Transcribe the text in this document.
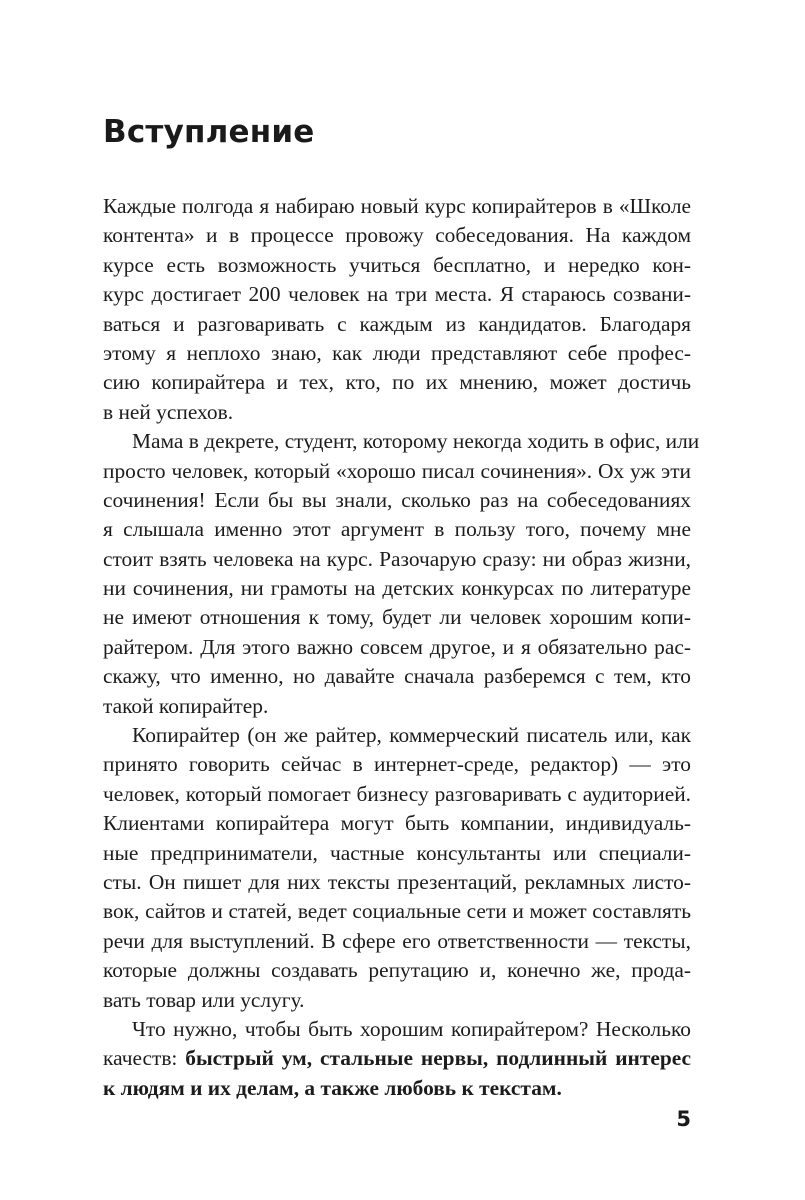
Вступление
Каждые полгода я набираю новый курс копирайтеров в «Школе
контента» и в процессе провожу собеседования. На каждом
курсе есть возможность учиться бесплатно, и нередко кон-
курс достигает 200 человек на три места. Я стараюсь созвани-
ваться и разговаривать с каждым из кандидатов. Благодаря
этому я неплохо знаю, как люди представляют себе профес-
сию копирайтера и тех, кто, по их мнению, может достичь
в ней успехов.
Мама в декрете, студент, которому некогда ходить в офис, или
просто человек, который «хорошо писал сочинения». Ох уж эти
сочинения! Если бы вы знали, сколько раз на собеседованиях
я слышала именно этот аргумент в пользу того, почему мне
стоит взять человека на курс. Разочарую сразу: ни образ жизни,
ни сочинения, ни грамоты на детских конкурсах по литературе
не имеют отношения к тому, будет ли человек хорошим копи-
райтером. Для этого важно совсем другое, и я обязательно рас-
скажу, что именно, но давайте сначала разберемся с тем, кто
такой копирайтер.
Копирайтер (он же райтер, коммерческий писатель или, как
принято говорить сейчас в интернет-среде, редактор) — это
человек, который помогает бизнесу разговаривать с аудиторией.
Клиентами копирайтера могут быть компании, индивидуаль-
ные предприниматели, частные консультанты или специали-
сты. Он пишет для них тексты презентаций, рекламных листо-
вок, сайтов и статей, ведет социальные сети и может составлять
речи для выступлений. В сфере его ответственности — тексты,
которые должны создавать репутацию и, конечно же, прода-
вать товар или услугу.
Что нужно, чтобы быть хорошим копирайтером? Несколько
качеств: быстрый ум, стальные нервы, подлинный интерес
к людям и их делам, а также любовь к текстам.
5
